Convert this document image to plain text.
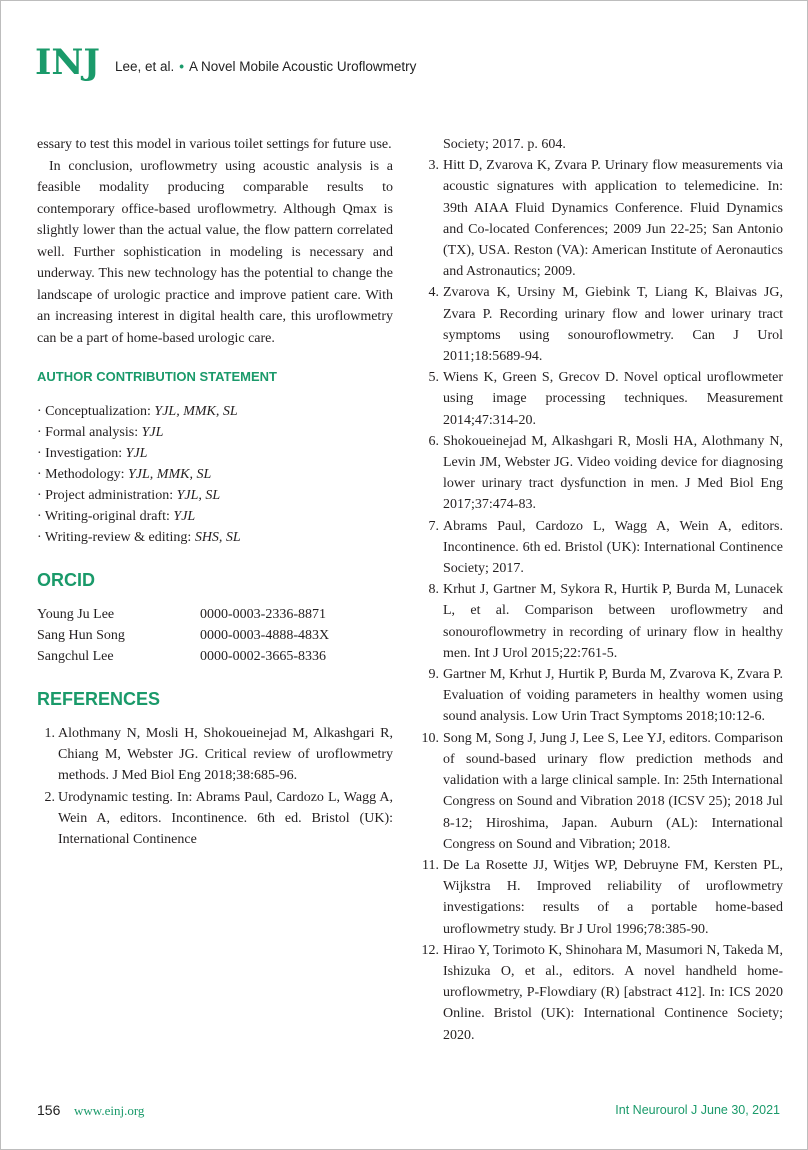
INJ Lee, et al. • A Novel Mobile Acoustic Uroflowmetry

essary to test this model in various toilet settings for future use.

In conclusion, uroflowmetry using acoustic analysis is a feasible modality producing comparable results to contemporary office-based uroflowmetry. Although Qmax is slightly lower than the actual value, the flow pattern correlated well. Further sophistication in modeling is necessary and underway. This new technology has the potential to change the landscape of urologic practice and improve patient care. With an increasing interest in digital health care, this uroflowmetry can be a part of home-based urologic care.

AUTHOR CONTRIBUTION STATEMENT
· Conceptualization: YJL, MMK, SL
· Formal analysis: YJL
· Investigation: YJL
· Methodology: YJL, MMK, SL
· Project administration: YJL, SL
· Writing-original draft: YJL
· Writing-review & editing: SHS, SL
ORCID
Young Ju Lee	0000-0003-2336-8871
Sang Hun Song	0000-0003-4888-483X
Sangchul Lee	0000-0002-3665-8336
REFERENCES
1. Alothmany N, Mosli H, Shokoueinejad M, Alkashgari R, Chiang M, Webster JG. Critical review of uroflowmetry methods. J Med Biol Eng 2018;38:685-96.
2. Urodynamic testing. In: Abrams Paul, Cardozo L, Wagg A, Wein A, editors. Incontinence. 6th ed. Bristol (UK): International Continence
Society; 2017. p. 604.
3. Hitt D, Zvarova K, Zvara P. Urinary flow measurements via acoustic signatures with application to telemedicine. In: 39th AIAA Fluid Dynamics Conference. Fluid Dynamics and Co-located Conferences; 2009 Jun 22-25; San Antonio (TX), USA. Reston (VA): American Institute of Aeronautics and Astronautics; 2009.
4. Zvarova K, Ursiny M, Giebink T, Liang K, Blaivas JG, Zvara P. Recording urinary flow and lower urinary tract symptoms using sonouroflowmetry. Can J Urol 2011;18:5689-94.
5. Wiens K, Green S, Grecov D. Novel optical uroflowmeter using image processing techniques. Measurement 2014;47:314-20.
6. Shokoueinejad M, Alkashgari R, Mosli HA, Alothmany N, Levin JM, Webster JG. Video voiding device for diagnosing lower urinary tract dysfunction in men. J Med Biol Eng 2017;37:474-83.
7. Abrams Paul, Cardozo L, Wagg A, Wein A, editors. Incontinence. 6th ed. Bristol (UK): International Continence Society; 2017.
8. Krhut J, Gartner M, Sykora R, Hurtik P, Burda M, Lunacek L, et al. Comparison between uroflowmetry and sonouroflowmetry in recording of urinary flow in healthy men. Int J Urol 2015;22:761-5.
9. Gartner M, Krhut J, Hurtik P, Burda M, Zvarova K, Zvara P. Evaluation of voiding parameters in healthy women using sound analysis. Low Urin Tract Symptoms 2018;10:12-6.
10. Song M, Song J, Jung J, Lee S, Lee YJ, editors. Comparison of sound-based urinary flow prediction methods and validation with a large clinical sample. In: 25th International Congress on Sound and Vibration 2018 (ICSV 25); 2018 Jul 8-12; Hiroshima, Japan. Auburn (AL): International Congress on Sound and Vibration; 2018.
11. De La Rosette JJ, Witjes WP, Debruyne FM, Kersten PL, Wijkstra H. Improved reliability of uroflowmetry investigations: results of a portable home-based uroflowmetry study. Br J Urol 1996;78:385-90.
12. Hirao Y, Torimoto K, Shinohara M, Masumori N, Takeda M, Ishizuka O, et al., editors. A novel handheld home-uroflowmetry, P-Flowdiary (R) [abstract 412]. In: ICS 2020 Online. Bristol (UK): International Continence Society; 2020.
156 www.einj.org	Int Neurourol J June 30, 2021
